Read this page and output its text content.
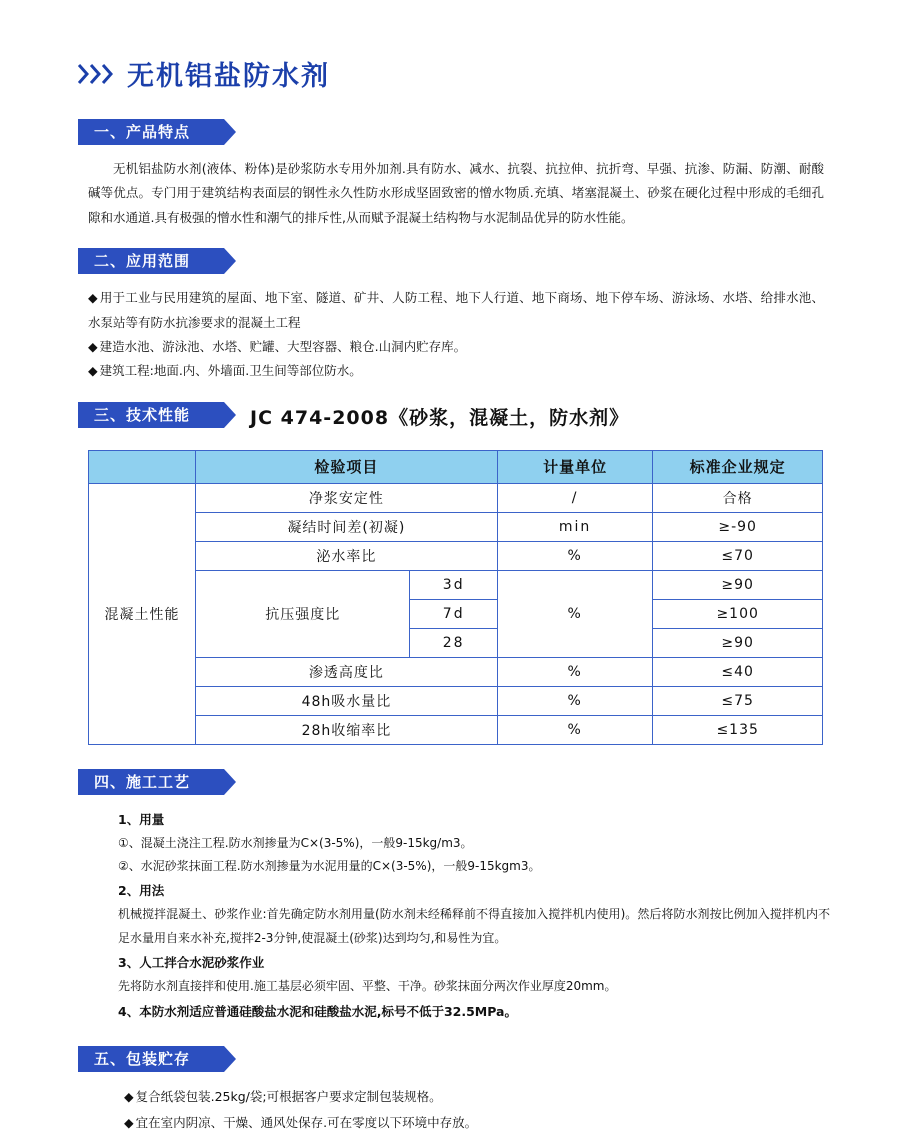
无机铝盐防水剂
一、产品特点

无机铝盐防水剂(液体、粉体)是砂浆防水专用外加剂.具有防水、减水、抗裂、抗拉伸、抗折弯、早强、抗渗、防漏、防潮、耐酸碱等优点。专门用于建筑结构表面层的钢性永久性防水形成坚固致密的憎水物质.充填、堵塞混凝土、砂浆在硬化过程中形成的毛细孔隙和水通道.具有极强的憎水性和潮气的排斥性,从而赋予混凝土结构物与水泥制品优异的防水性能。

二、应用范围
◆ 用于工业与民用建筑的屋面、地下室、隧道、矿井、人防工程、地下人行道、地下商场、地下停车场、游泳场、水塔、给排水池、水泵站等有防水抗渗要求的混凝土工程
◆ 建造水池、游泳池、水塔、贮罐、大型容器、粮仓.山洞内贮存库。
◆ 建筑工程:地面.内、外墙面.卫生间等部位防水。
三、技术性能	JC 474-2008《砂浆，混凝土，防水剂》
	检验项目		计量单位	标准企业规定
混凝土性能	净浆安定性		/	合格
	凝结时间差(初凝)		min	≥-90
	泌水率比		%	≤70
	抗压强度比	3d	%	≥90
		7d		≥100
		28		≥90
	渗透高度比		%	≤40
	48h吸水量比		%	≤75
	28h收缩率比		%	≤135
四、施工工艺

1、用量

①、混凝土浇注工程.防水剂掺量为C×(3-5%)，一般9-15kg/m3。

②、水泥砂浆抹面工程.防水剂掺量为水泥用量的C×(3-5%)，一般9-15kgm3。

2、用法

机械搅拌混凝土、砂浆作业:首先确定防水剂用量(防水剂未经稀释前不得直接加入搅拌机内使用)。然后将防水剂按比例加入搅拌机内不足水量用自来水补充,搅拌2-3分钟,使混凝土(砂浆)达到均匀,和易性为宜。

3、人工拌合水泥砂浆作业

先将防水剂直接拌和使用.施工基层必须牢固、平整、干净。砂浆抹面分两次作业厚度20mm。

4、本防水剂适应普通硅酸盐水泥和硅酸盐水泥,标号不低于32.5MPa。

五、包装贮存
◆ 复合纸袋包装.25kg/袋;可根据客户要求定制包装规格。
◆ 宜在室内阴凉、干燥、通风处保存.可在零度以下环境中存放。
